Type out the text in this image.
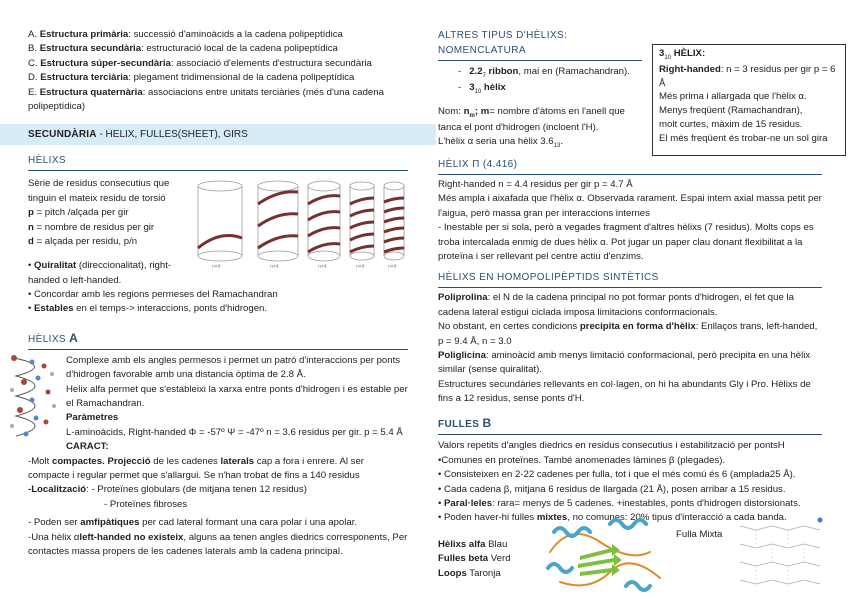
A. Estructura primària: successió d'aminoàcids a la cadena polipeptídica
B. Estructura secundària: estructuració local de la cadena polipeptídica
C. Estructura súper-secundària: associació d'elements d'estructura secundària
D. Estructura terciària: plegament tridimensional de la cadena polipeptídica
E. Estructura quaternària: associacions entre unitats terciàries (més d'una cadena polipeptídica)
SECUNDÀRIA - HELIX, FULLES(SHEET), GIRS
HÈLIXS
Sèrie de residus consecutius que tinguin el mateix residu de torsió
p = pitch /alçada per gir
n = nombre de residus per gir
d = alçada per residu, p/n
• Quiralitat (direccionalitat), right-handed o left-handed.
• Concordar amb les regions permeses del Ramachandran
• Estables en el temps-> interaccions, ponts d'hidrogen.
HÈLIXS Α
Complexe amb els angles permesos i permet un patró d'interaccions per ponts d'hidrogen favorable amb una distancia òptima de 2.8 Å.
Helix alfa permet que s'estableixi la xarxa entre ponts d'hidrogen i es estable per el Ramachandran.
Paràmetres
L-aminoàcids, Right-handed Φ = -57º Ψ = -47º n = 3.6 residus per gir. p = 5.4 Å
CARACT:
-Molt compactes. Projecció de les cadenes laterals cap a fora i enrere. Al ser compacte i regular permet que s'allargui. Se n'han trobat de fins a 140 residus
-Localització: - Proteïnes globulars (de mitjana tenen 12 residus)
- Proteïnes fibroses
- Poden ser amfipàtiques per cad lateral formant una cara polar i una apolar.
-Una hèlix αleft-handed no existeix, alguns aa tenen angles diedrics corresponents, Per contactes massa propers de les cadenes laterals amb la cadena principal.
n=4	n=4	n=4	n=4	n=4
ALTRES TIPUS D'HÈLIXS: NOMENCLATURA
- $2.2_7$ ribbon, mai en (Ramachandran).
- $3_{10}$ hèlix
Nom: $n_m$; m= nombre d'àtoms en l'anell que tanca el pont d'hidrogen (incloent l'H).
L'hèlix α seria una hèlix $3.6_{13}$.
HÈLIX Π (4.416)
Right-handed n = 4.4 residus per gir p = 4.7 Å
Més ampla i aixafada que l'hèlix α. Observada rarament. Espai intern axial massa petit per l'aigua, però massa gran per interaccions internes
- Inestable per si sola, però a vegades fragment d'altres hèlixs (7 residus). Molts cops es troba intercalada enmig de dues hèlix α. Pot jugar un paper clau donant flexibilitat a la proteïna i ser rellevant pel centre actiu d'enzims.
HÈLIXS EN HOMOPOLIPÈPTIDS SINTÈTICS
Poliprolina: el N de la cadena principal no pot formar ponts d'hidrogen, el fet que la cadena lateral estigui ciclada imposa limitacions conformacionals.
No obstant, en certes condicions precipita en forma d'hèlix: Enllaços trans, left-handed, p = 9.4 Å, n = 3.0
Poliglicina: aminoàcid amb menys limitació conformacional, però precipita en una hèlix similar (sense quiralitat).
Estructures secundàries rellevants en col·lagen, on hi ha abundants Gly i Pro. Hèlixs de fins a 12 residus, sense ponts d'H.
FULLES Β
Valors repetits d'angles diedrics en residus consecutius i estabilització per pontsH
•Comunes en proteïnes. També anomenades làmines β (plegades).
• Consisteixen en 2-22 cadenes per fulla, tot i que el més comú és 6 (amplada25 Å).
• Cada cadena β, mitjana 6 residus de llargada (21 Å), posen arribar a 15 residus.
• Paral·leles: rara= menys de 5 cadenes. +inestables, ponts d'hidrogen distorsionats.
• Poden haver-hi fulles mixtes, no comunes: 20% tipus d'interacció a cada banda.
Hèlixs alfa Blau
Fulles beta Verd
Loops Taronja
Fulla Mixta
$3_{10}$ HÈLIX:
Right-handed: n = 3 residus per gir p = 6 Å
Més prima i allargada que l'hèlix α.
Menys freqüent (Ramachandran),
molt curtes, màxim de 15 residus.
El més freqüent és trobar-ne un sol gira
